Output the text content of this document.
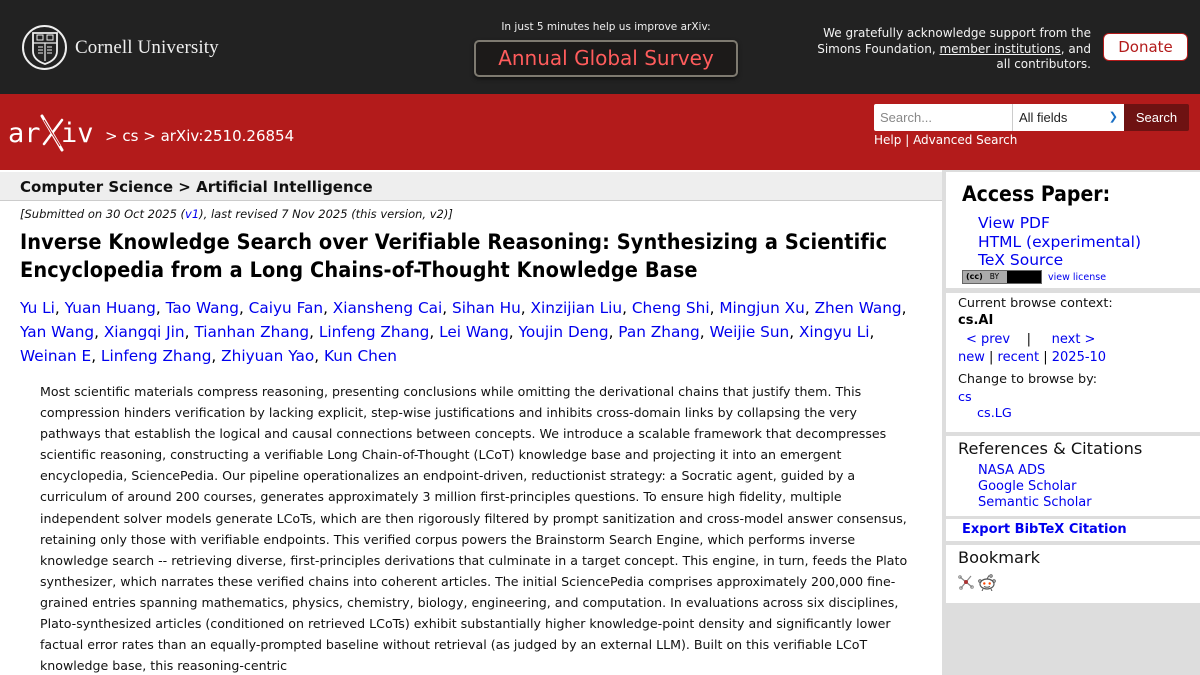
Cornell University
In just 5 minutes help us improve arXiv:
Annual Global Survey
We gratefully acknowledge support from the
Simons Foundation, member institutions, and
all contributors.
Donate
ar iv > cs > arXiv:2510.26854
Search...
All fields	❯	Search
Help | Advanced Search
Computer Science > Artificial Intelligence
[Submitted on 30 Oct 2025 (v1), last revised 7 Nov 2025 (this version, v2)]
Inverse Knowledge Search over Verifiable Reasoning: Synthesizing a Scientific Encyclopedia from a Long Chains-of-Thought Knowledge Base
Yu Li, Yuan Huang, Tao Wang, Caiyu Fan, Xiansheng Cai, Sihan Hu, Xinzijian Liu, Cheng Shi, Mingjun Xu, Zhen Wang, Yan Wang, Xiangqi Jin, Tianhan Zhang, Linfeng Zhang, Lei Wang, Youjin Deng, Pan Zhang, Weijie Sun, Xingyu Li, Weinan E, Linfeng Zhang, Zhiyuan Yao, Kun Chen
Most scientific materials compress reasoning, presenting conclusions while omitting the derivational chains that justify them. This compression hinders verification by lacking explicit, step-wise justifications and inhibits cross-domain links by collapsing the very pathways that establish the logical and causal connections between concepts. We introduce a scalable framework that decompresses scientific reasoning, constructing a verifiable Long Chain-of-Thought (LCoT) knowledge base and projecting it into an emergent encyclopedia, SciencePedia. Our pipeline operationalizes an endpoint-driven, reductionist strategy: a Socratic agent, guided by a curriculum of around 200 courses, generates approximately 3 million first-principles questions. To ensure high fidelity, multiple independent solver models generate LCoTs, which are then rigorously filtered by prompt sanitization and cross-model answer consensus, retaining only those with verifiable endpoints. This verified corpus powers the Brainstorm Search Engine, which performs inverse knowledge search -- retrieving diverse, first-principles derivations that culminate in a target concept. This engine, in turn, feeds the Plato synthesizer, which narrates these verified chains into coherent articles. The initial SciencePedia comprises approximately 200,000 fine-grained entries spanning mathematics, physics, chemistry, biology, engineering, and computation. In evaluations across six disciplines, Plato-synthesized articles (conditioned on retrieved LCoTs) exhibit substantially higher knowledge-point density and significantly lower factual error rates than an equally-prompted baseline without retrieval (as judged by an external LLM). Built on this verifiable LCoT knowledge base, this reasoning-centric
Access Paper:
View PDF
HTML (experimental)
TeX Source
(cc) BY	view license
Current browse context:
cs.AI
< prev | next >
new | recent | 2025-10
Change to browse by:
cs
cs.LG
References & Citations
NASA ADS
Google Scholar
Semantic Scholar
Export BibTeX Citation
Bookmark
